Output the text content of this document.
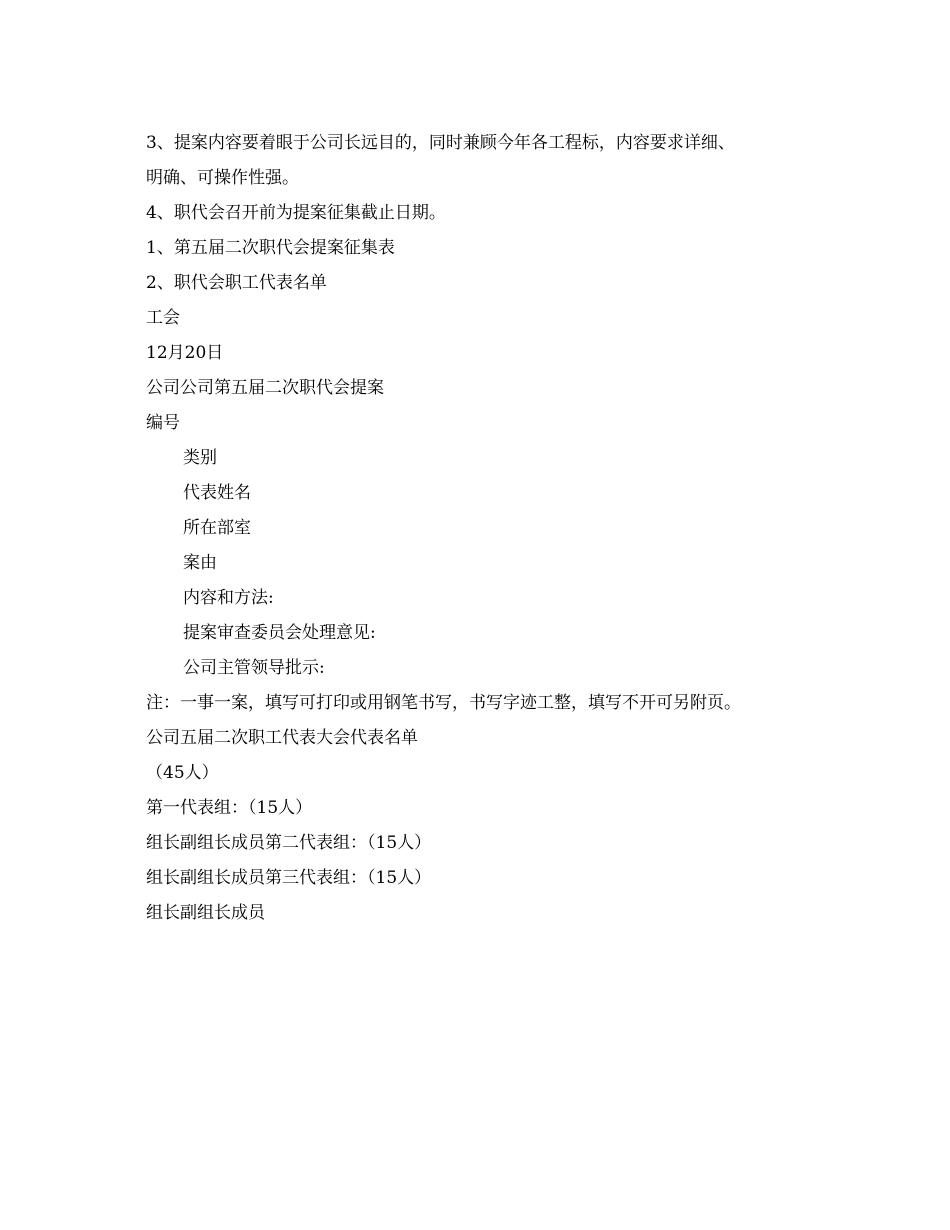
3、提案内容要着眼于公司长远目的，同时兼顾今年各工程标，内容要求详细、
明确、可操作性强。
4、职代会召开前为提案征集截止日期。
1、第五届二次职代会提案征集表
2、职代会职工代表名单
工会
12月20日
公司公司第五届二次职代会提案
编号
类别
代表姓名
所在部室
案由
内容和方法:
提案审查委员会处理意见:
公司主管领导批示:
注：一事一案，填写可打印或用钢笔书写，书写字迹工整，填写不开可另附页。
公司五届二次职工代表大会代表名单
（45人）
第一代表组：（15人）
组长副组长成员第二代表组：（15人）
组长副组长成员第三代表组：（15人）
组长副组长成员
